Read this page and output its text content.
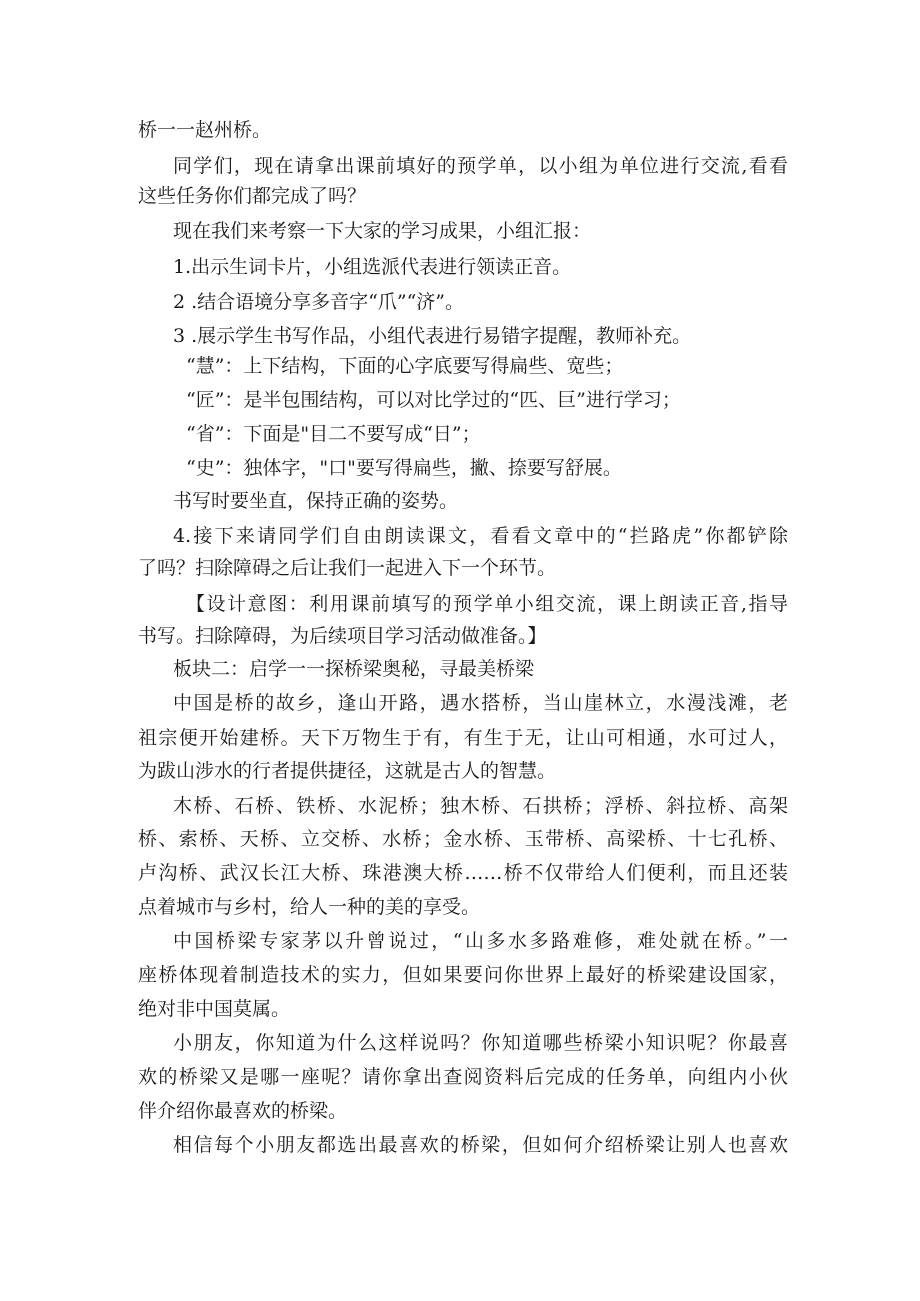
桥一一赵州桥。
同学们，现在请拿出课前填好的预学单，以小组为单位进行交流,看看
这些任务你们都完成了吗？
现在我们来考察一下大家的学习成果，小组汇报：
1.出示生词卡片，小组选派代表进行领读正音。
2 .结合语境分享多音字“爪”“济”。
3 .展示学生书写作品，小组代表进行易错字提醒，教师补充。
“慧”：上下结构，下面的心字底要写得扁些、宽些；
“匠”：是半包围结构，可以对比学过的“匹、巨”进行学习；
“省”：下面是"目二不要写成“日”；
“史”：独体字，"口"要写得扁些，撇、捺要写舒展。
书写时要坐直，保持正确的姿势。
4.接下来请同学们自由朗读课文，看看文章中的“拦路虎”你都铲除
了吗？扫除障碍之后让我们一起进入下一个环节。
【设计意图：利用课前填写的预学单小组交流，课上朗读正音,指导
书写。扫除障碍，为后续项目学习活动做准备。】
板块二：启学一一探桥梁奥秘，寻最美桥梁
中国是桥的故乡，逢山开路，遇水搭桥，当山崖林立，水漫浅滩，老
祖宗便开始建桥。天下万物生于有，有生于无，让山可相通，水可过人，
为跋山涉水的行者提供捷径，这就是古人的智慧。
木桥、石桥、铁桥、水泥桥；独木桥、石拱桥；浮桥、斜拉桥、高架
桥、索桥、天桥、立交桥、水桥；金水桥、玉带桥、高梁桥、十七孔桥、
卢沟桥、武汉长江大桥、珠港澳大桥……桥不仅带给人们便利，而且还装
点着城市与乡村，给人一种的美的享受。
中国桥梁专家茅以升曾说过，“山多水多路难修，难处就在桥。”一
座桥体现着制造技术的实力，但如果要问你世界上最好的桥梁建设国家，
绝对非中国莫属。
小朋友，你知道为什么这样说吗？你知道哪些桥梁小知识呢？你最喜
欢的桥梁又是哪一座呢？请你拿出查阅资料后完成的任务单，向组内小伙
伴介绍你最喜欢的桥梁。
相信每个小朋友都选出最喜欢的桥梁，但如何介绍桥梁让别人也喜欢
